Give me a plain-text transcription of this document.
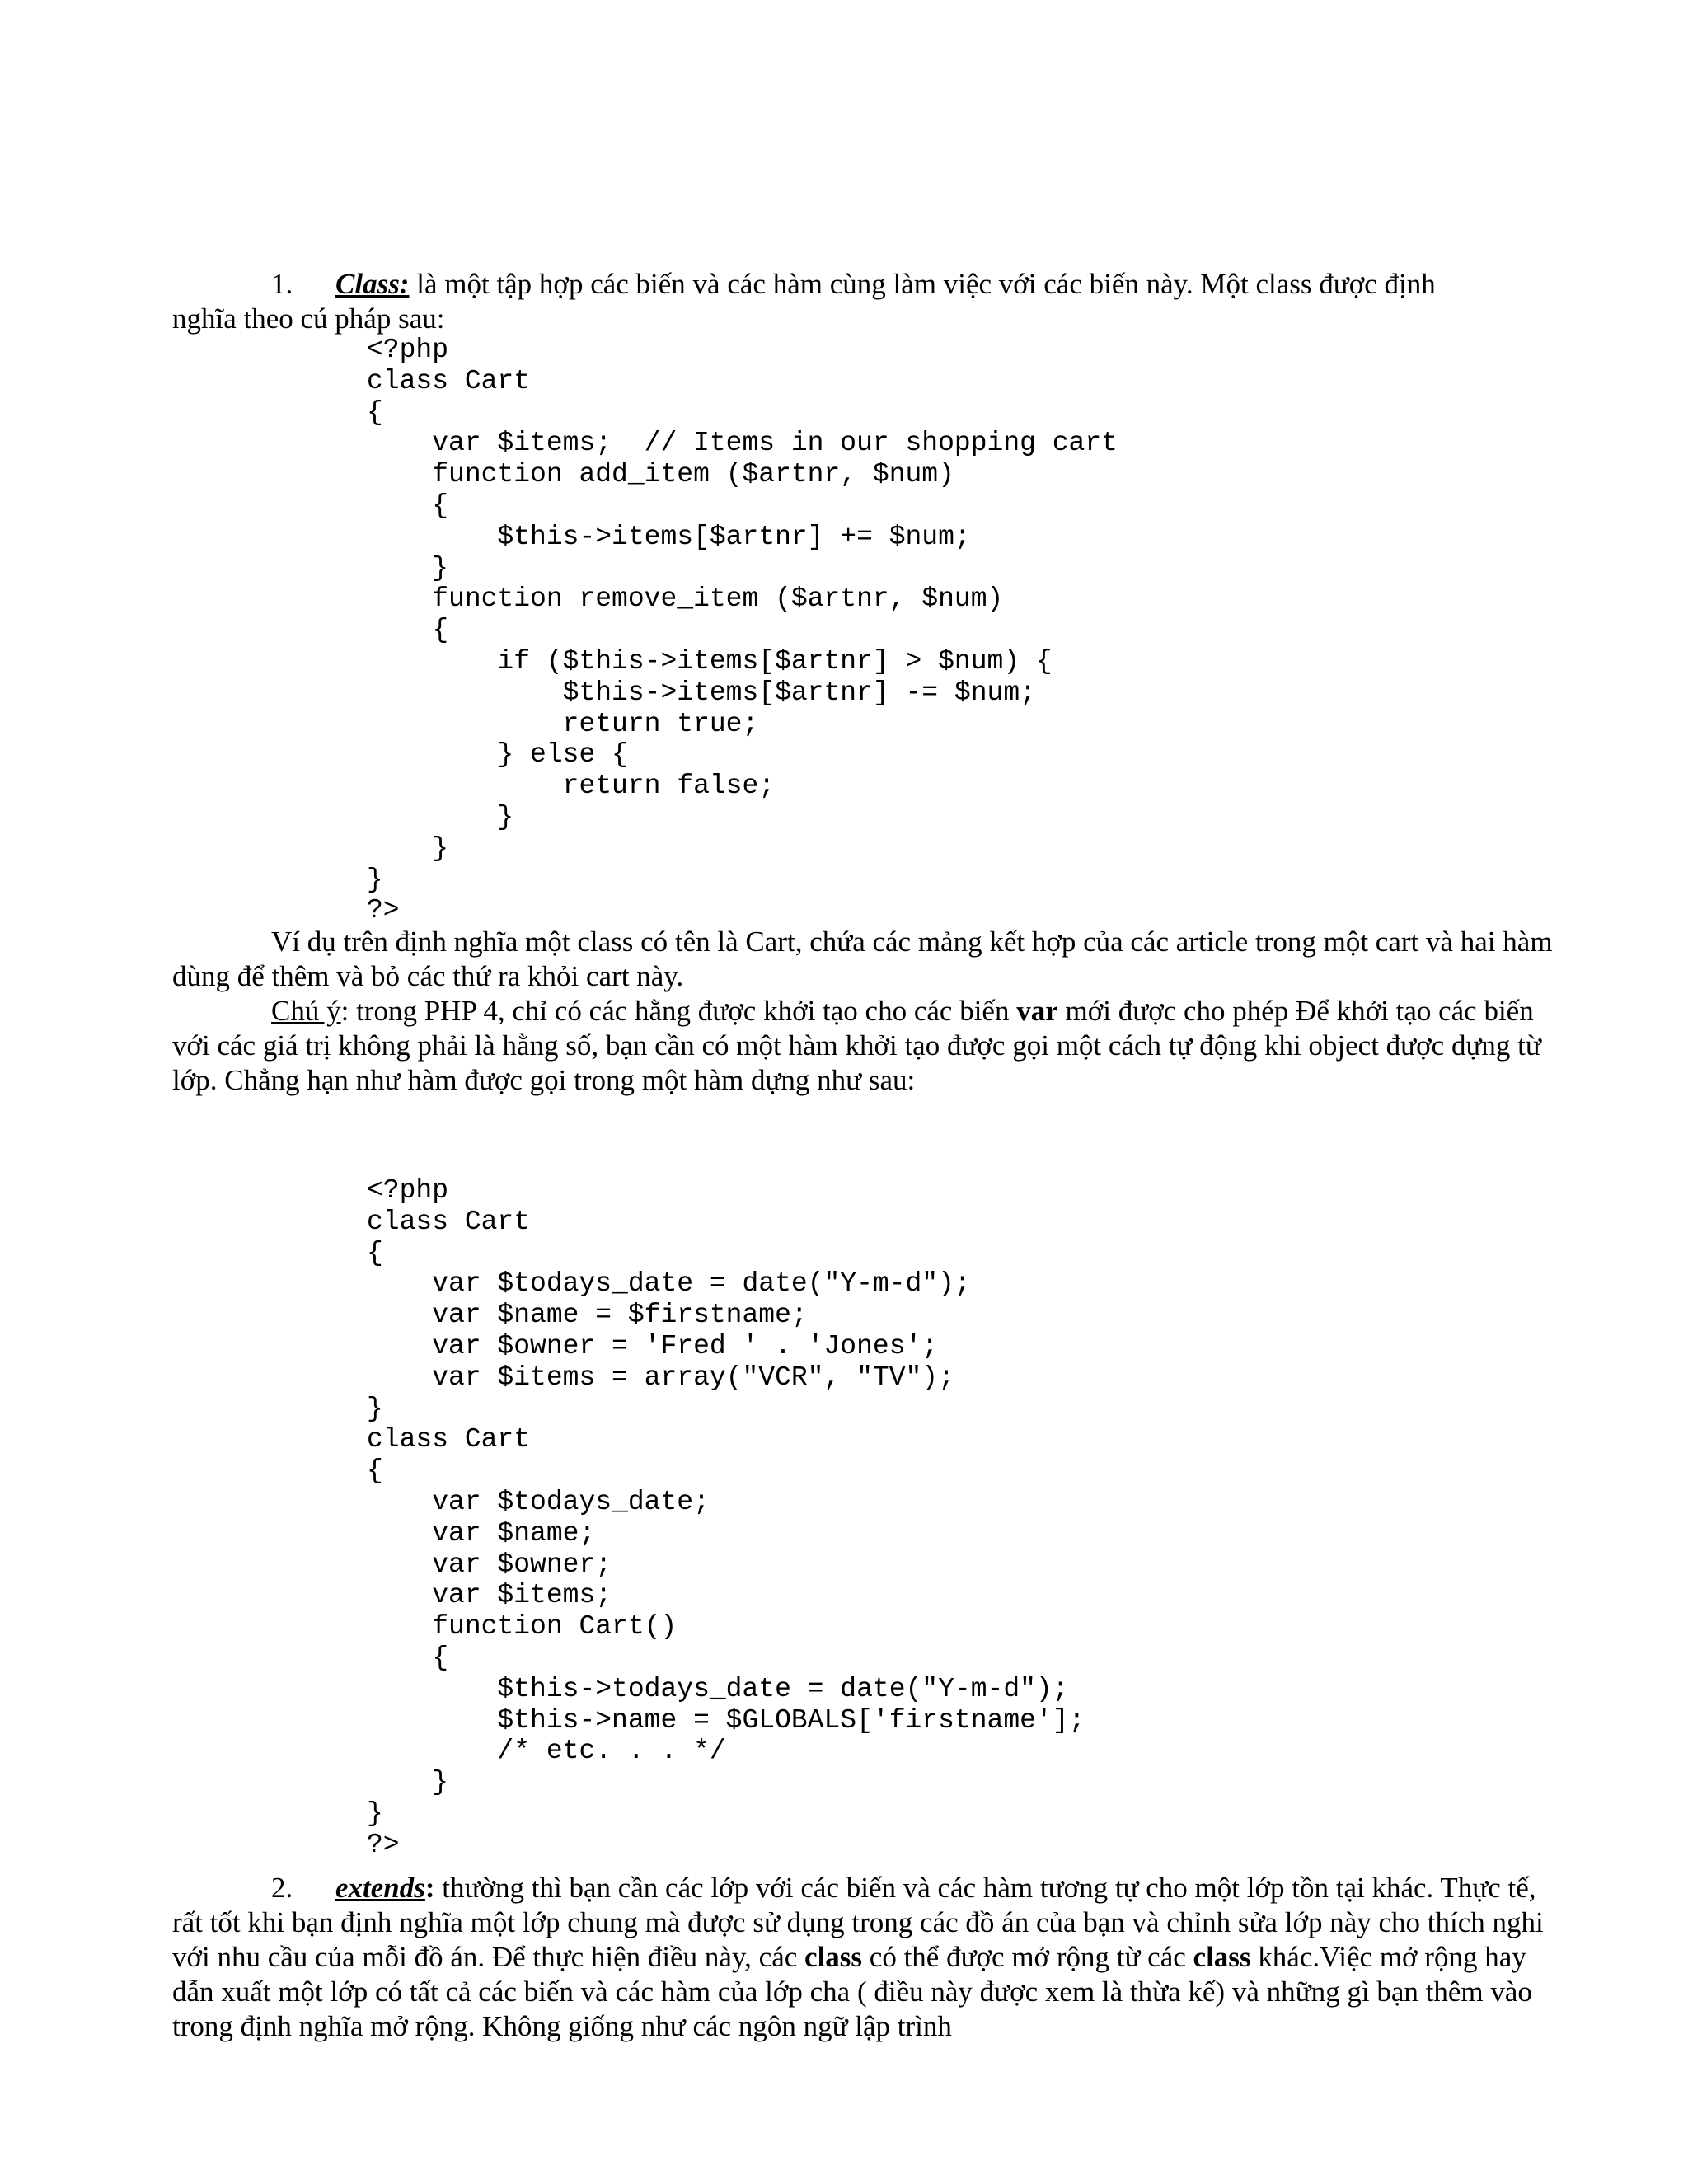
1. Class: là một tập hợp các biến và các hàm cùng làm việc với các biến này. Một class được định
nghĩa theo cú pháp sau:

<?php
class Cart
{
var $items;  // Items in our shopping cart
function add_item ($artnr, $num)
{
$this->items[$artnr] += $num;
}
function remove_item ($artnr, $num)
{
if ($this->items[$artnr] > $num) {
$this->items[$artnr] -= $num;
return true;
} else {
return false;
}
}
}
?>

Ví dụ trên định nghĩa một class có tên là Cart, chứa các mảng kết hợp của các article trong một cart và hai hàm dùng để thêm và bỏ các thứ ra khỏi cart này.

Chú ý: trong PHP 4, chỉ có các hằng được khởi tạo cho các biến var mới được cho phép Để khởi tạo các biến với các giá trị không phải là hằng số, bạn cần có một hàm khởi tạo được gọi một cách tự động khi object được dựng từ lớp. Chẳng hạn như hàm được gọi trong một hàm dựng như sau:

<?php
class Cart
{
var $todays_date = date("Y-m-d");
var $name = $firstname;
var $owner = 'Fred ' . 'Jones';
var $items = array("VCR", "TV");
}
class Cart
{
var $todays_date;
var $name;
var $owner;
var $items;
function Cart()
{
$this->todays_date = date("Y-m-d");
$this->name = $GLOBALS['firstname'];
/* etc. . . */
}
}
?>

2. extends: thường thì bạn cần các lớp với các biến và các hàm tương tự cho một lớp tồn tại khác. Thực tế, rất tốt khi bạn định nghĩa một lớp chung mà được sử dụng trong các đồ án của bạn và chỉnh sửa lớp này cho thích nghi với nhu cầu của mỗi đồ án. Để thực hiện điều này, các class có thể được mở rộng từ các class khác.Việc mở rộng hay dẫn xuất một lớp có tất cả các biến và các hàm của lớp cha ( điều này được xem là thừa kế) và những gì bạn thêm vào trong định nghĩa mở rộng. Không giống như các ngôn ngữ lập trình
